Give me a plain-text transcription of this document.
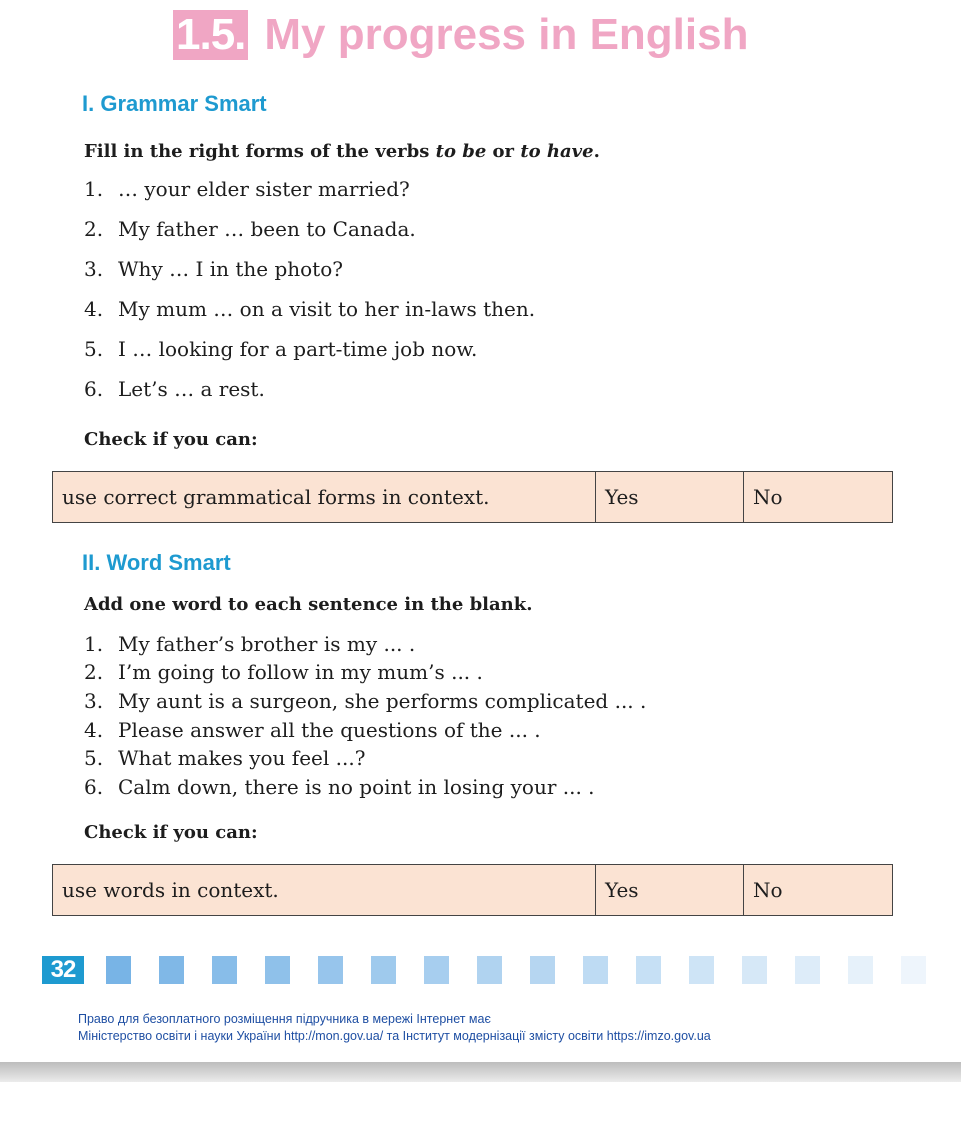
1.5. My progress in English
I. Grammar Smart
Fill in the right forms of the verbs to be or to have.
1. … your elder sister married?
2. My father … been to Canada.
3. Why … I in the photo?
4. My mum … on a visit to her in-laws then.
5. I … looking for a part-time job now.
6. Let’s … a rest.
Check if you can:
use correct grammatical forms in context.	Yes	No
II. Word Smart
Add one word to each sentence in the blank.
1. My father’s brother is my ... .
2. I’m going to follow in my mum’s ... .
3. My aunt is a surgeon, she performs complicated ... .
4. Please answer all the questions of the ... .
5. What makes you feel ...?
6. Calm down, there is no point in losing your ... .
Check if you can:
use words in context.	Yes	No
32
Право для безоплатного розміщення підручника в мережі Інтернет має
Міністерство освіти і науки України http://mon.gov.ua/ та Інститут модернізації змісту освіти https://imzo.gov.ua
